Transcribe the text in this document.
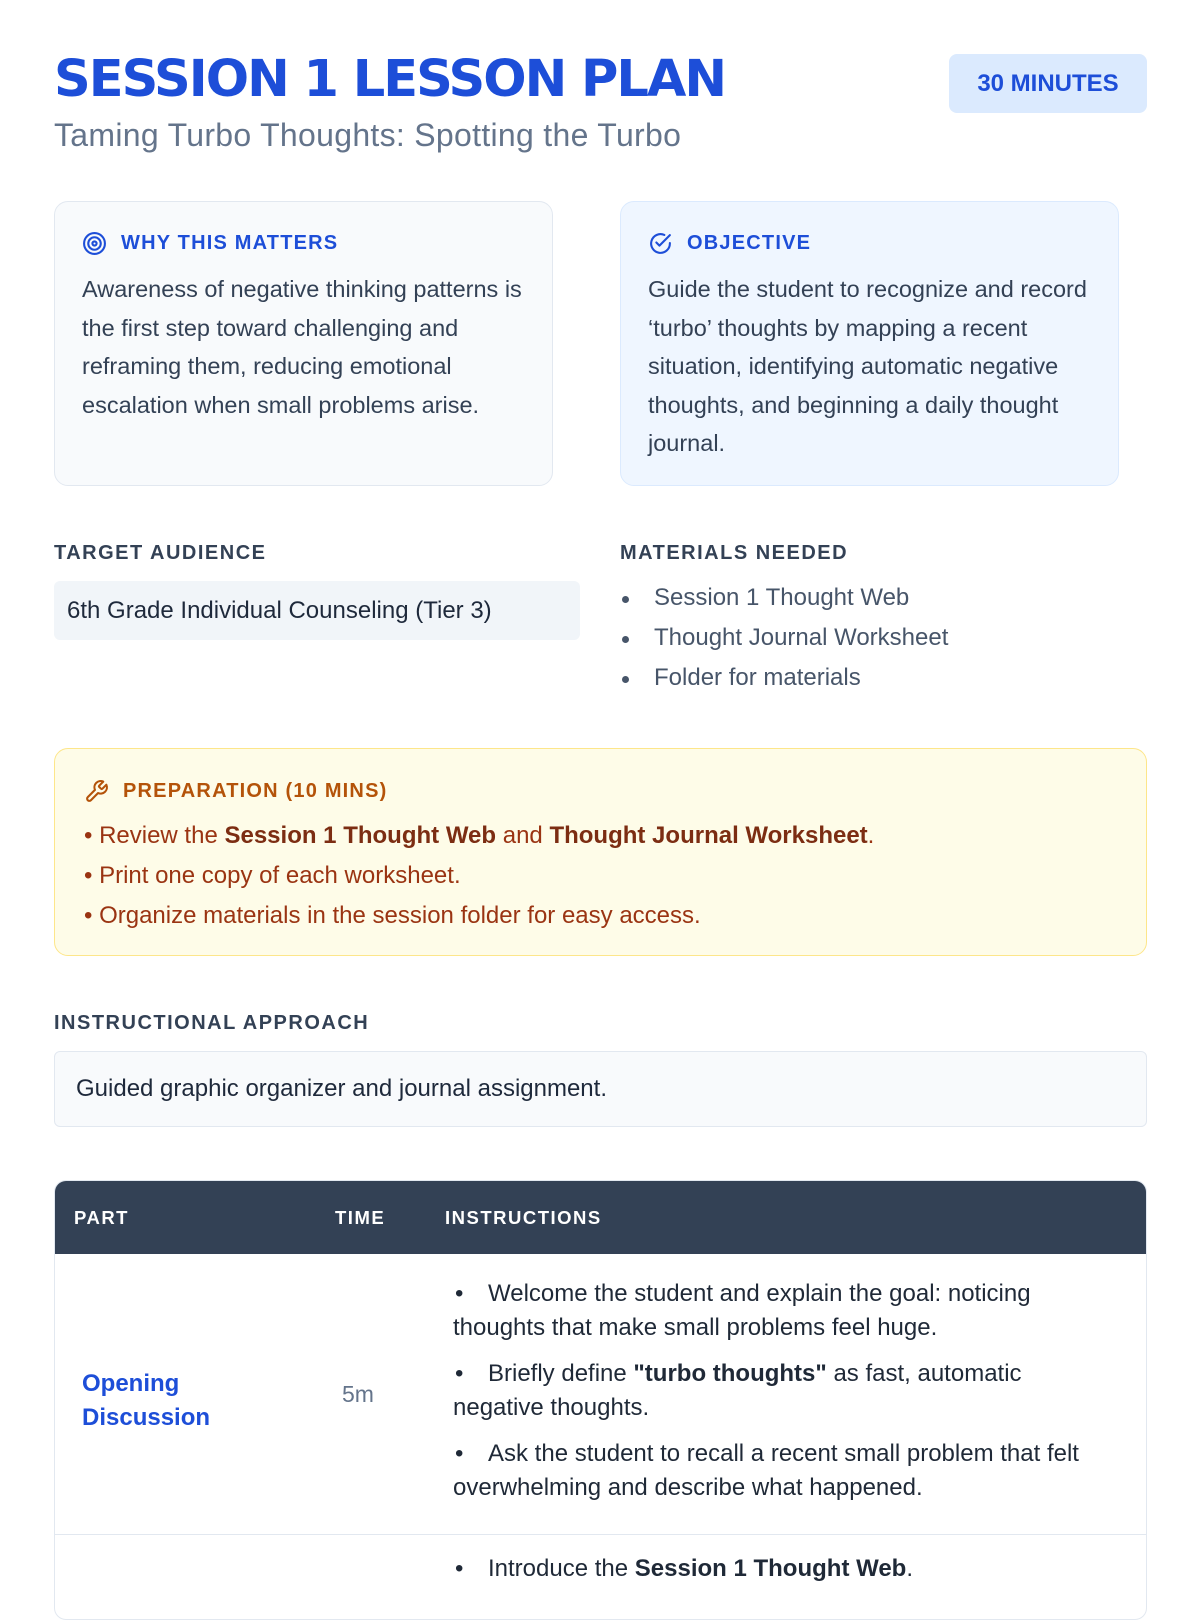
SESSION 1 LESSON PLAN

Taming Turbo Thoughts: Spotting the Turbo

30 MINUTES
WHY THIS MATTERS
Awareness of negative thinking patterns is the first step toward challenging and reframing them, reducing emotional escalation when small problems arise.
OBJECTIVE
Guide the student to recognize and record ‘turbo’ thoughts by mapping a recent situation, identifying automatic negative thoughts, and beginning a daily thought journal.
TARGET AUDIENCE
6th Grade Individual Counseling (Tier 3)
MATERIALS NEEDED
Session 1 Thought Web
Thought Journal Worksheet
Folder for materials
PREPARATION (10 MINS)
• Review the Session 1 Thought Web and Thought Journal Worksheet.
• Print one copy of each worksheet.
• Organize materials in the session folder for easy access.
INSTRUCTIONAL APPROACH
Guided graphic organizer and journal assignment.
PART	TIME	INSTRUCTIONS
Opening Discussion
5m
• Welcome the student and explain the goal: noticing thoughts that make small problems feel huge.
• Briefly define "turbo thoughts" as fast, automatic negative thoughts.
• Ask the student to recall a recent small problem that felt overwhelming and describe what happened.
• Introduce the Session 1 Thought Web.
